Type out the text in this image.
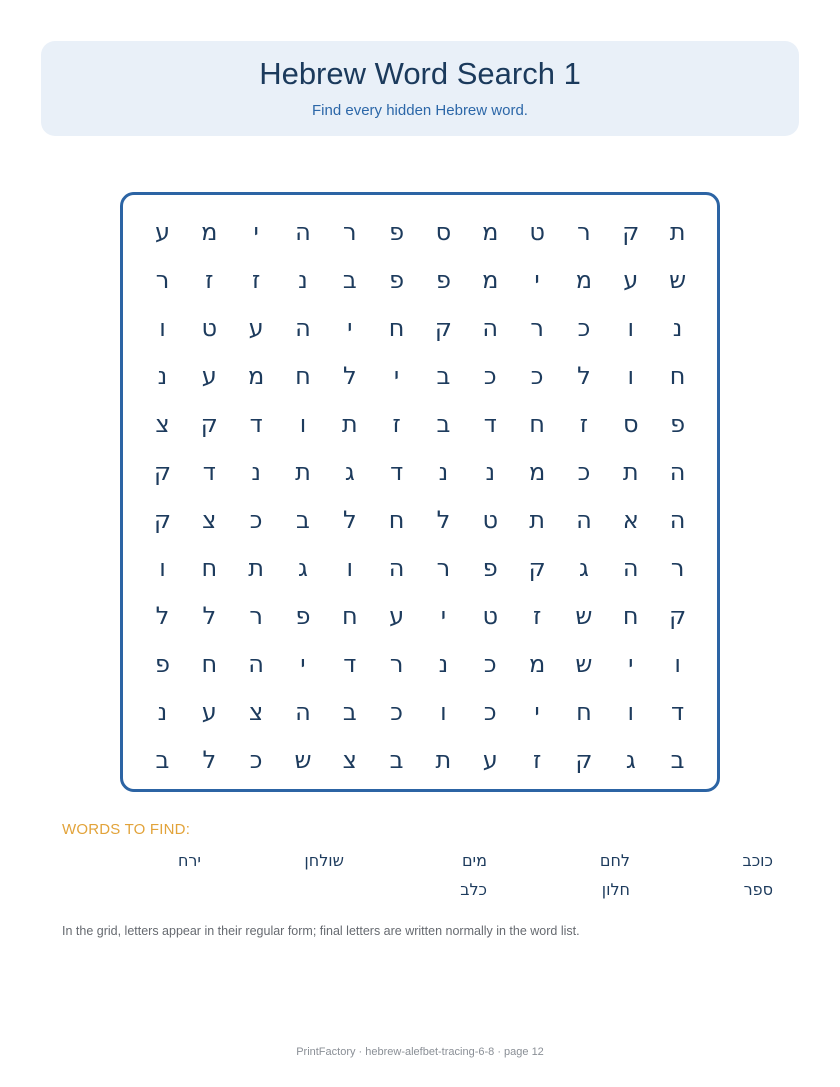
Hebrew Word Search 1
Find every hidden Hebrew word.
ת
ק
ר
ט
מ
ס
פ
ר
ה
י
מ
ע
ש
ע
מ
י
מ
פ
פ
ב
נ
ז
ז
ר
נ
ו
כ
ר
ה
ק
ח
י
ה
ע
ט
ו
ח
ו
ל
כ
כ
ב
י
ל
ח
מ
ע
נ
פ
ס
ז
ח
ד
ב
ז
ת
ו
ד
ק
צ
ה
ת
כ
מ
נ
נ
ד
ג
ת
נ
ד
ק
ה
א
ה
ת
ט
ל
ח
ל
ב
כ
צ
ק
ר
ה
ג
ק
פ
ר
ה
ו
ג
ת
ח
ו
ק
ח
ש
ז
ט
י
ע
ח
פ
ר
ל
ל
ו
י
ש
מ
כ
נ
ר
ד
י
ה
ח
פ
ד
ו
ח
י
כ
ו
כ
ב
ה
צ
ע
נ
ב
ג
ק
ז
ע
ת
ב
צ
ש
כ
ל
ב
WORDS TO FIND:
כוכב
לחם
מים
שולחן
ירח
ספר
חלון
כלב
In the grid, letters appear in their regular form; final letters are written normally in the word list.
PrintFactory · hebrew-alefbet-tracing-6-8 · page 12
